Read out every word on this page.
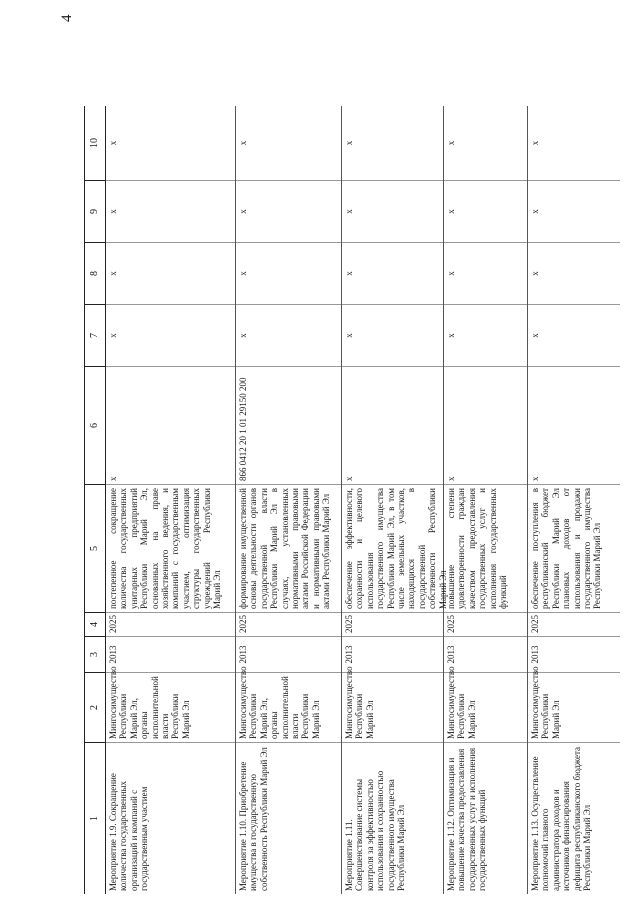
4
1
2
3
4
5
6
7
8
9
10
Мероприятие 1.9. Сокращение количества государственных организаций и компаний с государственным участием
Мингосимущество Республики Марий Эл, органы исполнительной власти Республики Марий Эл
2013
2025
постепенное сокращение количества государственных унитарных предприятий Республики Марий Эл, основанных на праве хозяйственного ведения, и компаний с государственным участием, оптимизация структуры государственных учреждений Республики Марий Эл
х
х
х
х
х
Мероприятие 1.10. Приобретение имущества в государственную собственность Республики Марий Эл
Мингосимущество Республики Марий Эл, органы исполнительной власти Республики Марий Эл
2013
2025
формирование имущественной основы деятельности органов государственной власти Республики Марий Эл в случаях, установленных нормативными правовыми актами Российской Федерации и нормативными правовыми актами Республики Марий Эл
866 0412 20 1 01 29150 200
х
х
х
х
Мероприятие 1.11. Совершенствование системы контроля за эффективностью использования и сохранностью государственного имущества Республики Марий Эл
Мингосимущество Республики Марий Эл
2013
2025
обеспечение эффективности, сохранности и целевого использования государственного имущества Республики Марий Эл, в том числе земельных участков, находящихся в государственной собственности Республики Марий Эл
х
х
х
х
х
Мероприятие 1.12. Оптимизация и повышение качества предоставления государственных услуг и исполнения государственных функций
Мингосимущество Республики Марий Эл
2013
2025
повышение степени удовлетворенности граждан качеством предоставления государственных услуг и исполнения государственных функций
х
х
х
х
х
Мероприятие 1.13. Осуществление полномочий главного администратора доходов и источников финансирования дефицита республиканского бюджета Республики Марий Эл
Мингосимущество Республики Марий Эл
2013
2025
обеспечение поступления в республиканский бюджет Республики Марий Эл плановых доходов от использования и продажи государственного имущества Республики Марий Эл
х
х
х
х
х
